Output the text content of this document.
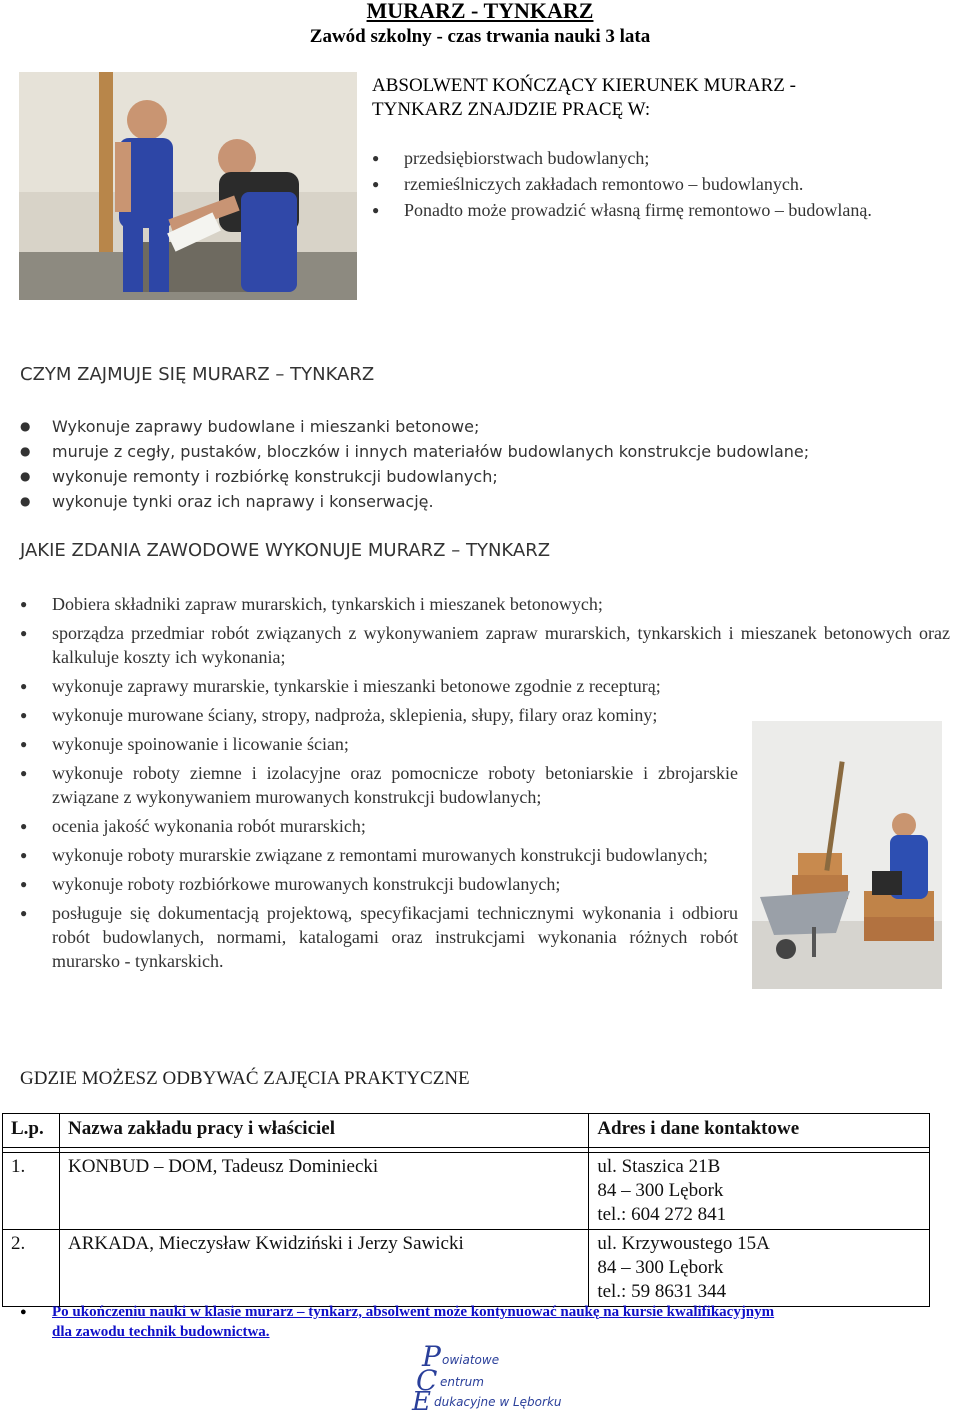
MURARZ - TYNKARZ
Zawód szkolny - czas trwania nauki 3 lata
ABSOLWENT KOŃCZĄCY KIERUNEK MURARZ -
TYNKARZ ZNAJDZIE PRACĘ W:
● przedsiębiorstwach budowlanych;
● rzemieślniczych zakładach remontowo – budowlanych.
● Ponadto może prowadzić własną firmę remontowo – budowlaną.
CZYM ZAJMUJE SIĘ MURARZ – TYNKARZ
● Wykonuje zaprawy budowlane i mieszanki betonowe;
● muruje z cegły, pustaków, bloczków i innych materiałów budowlanych konstrukcje budowlane;
● wykonuje remonty i rozbiórkę konstrukcji budowlanych;
● wykonuje tynki oraz ich naprawy i konserwację.
JAKIE ZDANIA ZAWODOWE WYKONUJE MURARZ – TYNKARZ
● Dobiera składniki zapraw murarskich, tynkarskich i mieszanek betonowych;
● sporządza przedmiar robót związanych z wykonywaniem zapraw murarskich, tynkarskich i mieszanek betonowych oraz kalkuluje koszty ich wykonania;
● wykonuje zaprawy murarskie, tynkarskie i mieszanki betonowe zgodnie z recepturą;
● wykonuje murowane ściany, stropy, nadproża, sklepienia, słupy, filary oraz kominy;
● wykonuje spoinowanie i licowanie ścian;
● wykonuje roboty ziemne i izolacyjne oraz pomocnicze roboty betoniarskie i zbrojarskie związane z wykonywaniem murowanych konstrukcji budowlanych;
● ocenia jakość wykonania robót murarskich;
● wykonuje roboty murarskie związane z remontami murowanych konstrukcji budowlanych;
● wykonuje roboty rozbiórkowe murowanych konstrukcji budowlanych;
● posługuje się dokumentacją projektową, specyfikacjami technicznymi wykonania i odbioru robót budowlanych, normami, katalogami oraz instrukcjami wykonania różnych robót murarsko - tynkarskich.
GDZIE MOŻESZ ODBYWAĆ ZAJĘCIA PRAKTYCZNE
L.p.	Nazwa zakładu pracy i właściciel	Adres i dane kontaktowe

1.	KONBUD – DOM, Tadeusz Dominiecki	ul. Staszica 21B
84 – 300 Lębork
tel.: 604 272 841

2.	ARKADA, Mieczysław Kwidziński i Jerzy Sawicki	ul. Krzywoustego 15A
84 – 300 Lębork
tel.: 59 8631 344
● Po ukończeniu nauki w klasie murarz – tynkarz, absolwent może kontynuować naukę na kursie kwalifikacyjnym
dla zawodu technik budownictwa.
P
C
E
owiatowe
entrum
dukacyjne w Lęborku
